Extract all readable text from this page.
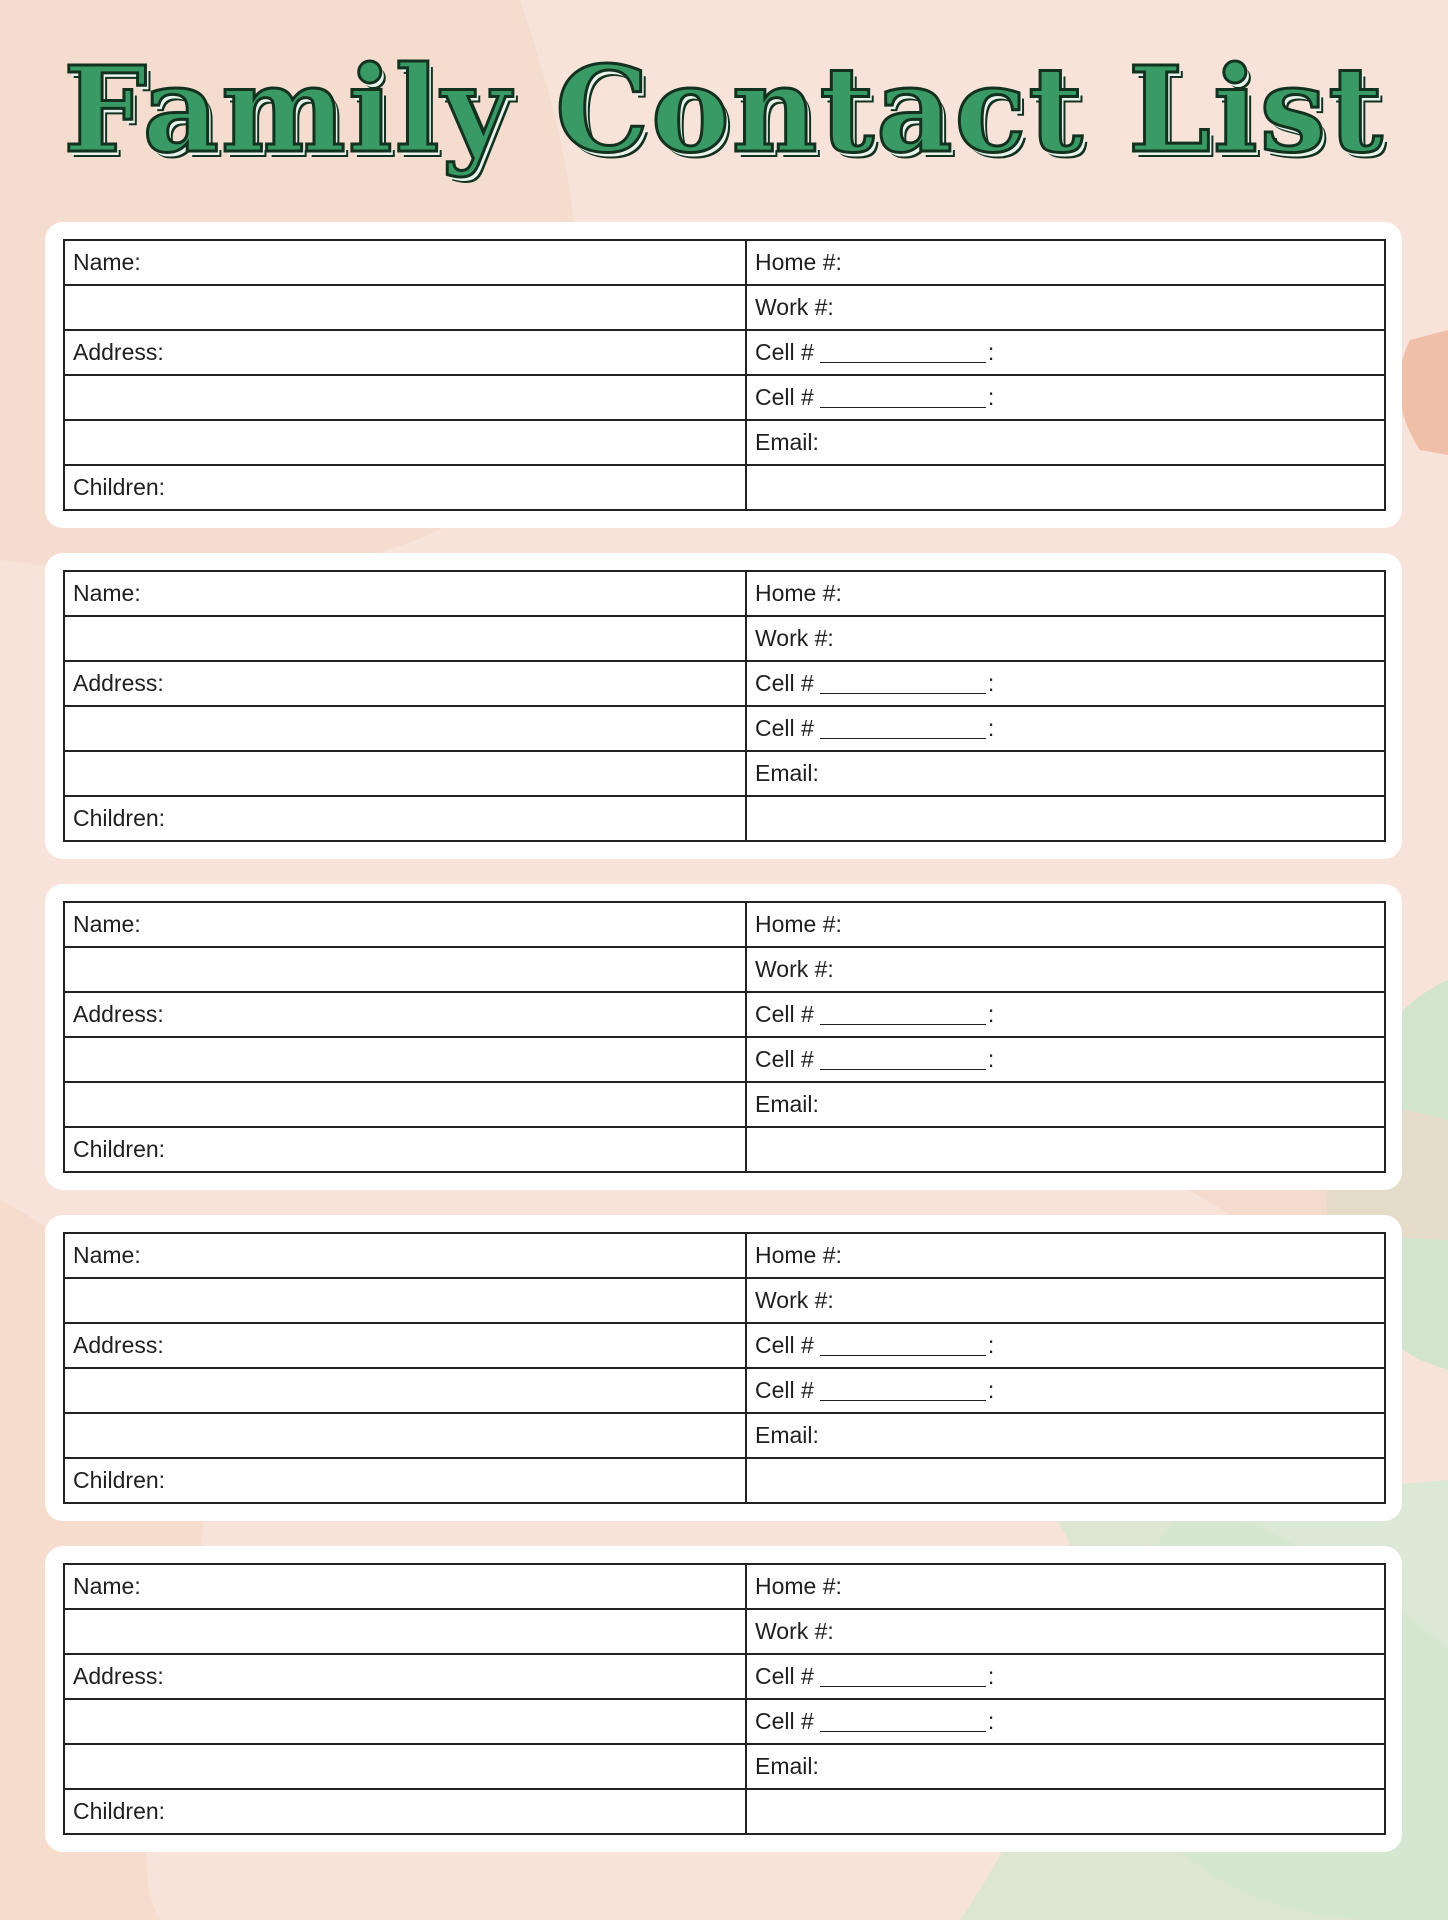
Family Contact List
Name:	Home #:
	Work #:
Address:	Cell # :
	Cell # :
	Email:
Children:	
Name:	Home #:
	Work #:
Address:	Cell # :
	Cell # :
	Email:
Children:	
Name:	Home #:
	Work #:
Address:	Cell # :
	Cell # :
	Email:
Children:	
Name:	Home #:
	Work #:
Address:	Cell # :
	Cell # :
	Email:
Children:	
Name:	Home #:
	Work #:
Address:	Cell # :
	Cell # :
	Email:
Children:	
